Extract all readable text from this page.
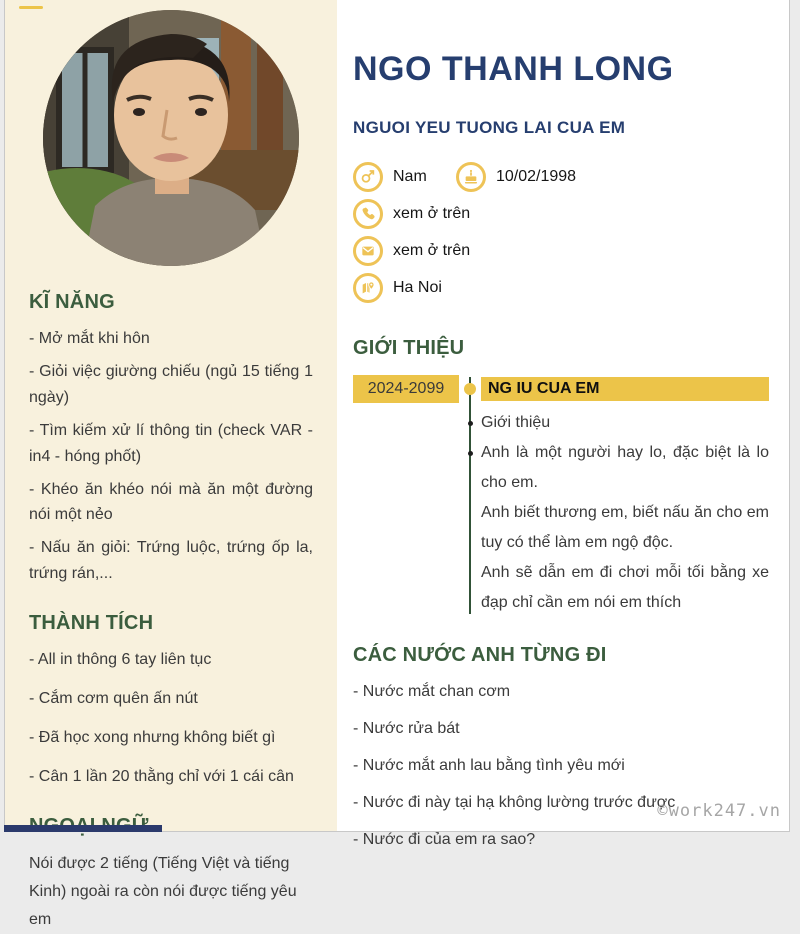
KĨ NĂNG

- Mở mắt khi hôn

- Giỏi việc giường chiếu (ngủ 15 tiếng 1 ngày)

- Tìm kiếm xử lí thông tin (check VAR - in4 - hóng phốt)

- Khéo ăn khéo nói mà ăn một đường nói một nẻo

- Nấu ăn giỏi: Trứng luộc, trứng ốp la, trứng rán,...

THÀNH TÍCH

- All in thông 6 tay liên tục

- Cắm cơm quên ấn nút

- Đã học xong nhưng không biết gì

- Cân 1 lần 20 thằng chỉ với 1 cái cân

Nói được 2 tiếng (Tiếng Việt và tiếng Kinh) ngoài ra còn nói được tiếng yêu em

NGO THANH LONG
NGUOI YEU TUONG LAI CUA EM
Nam	10/02/1998
xem ở trên
xem ở trên
Ha Noi
GIỚI THIỆU
2024-2099	NG IU CUA EM

Giới thiệu

Anh là một người hay lo, đặc biệt là lo cho em.

Anh biết thương em, biết nấu ăn cho em tuy có thể làm em ngộ độc.

Anh sẽ dẫn em đi chơi mỗi tối bằng xe đạp chỉ cần em nói em thích

CÁC NƯỚC ANH TỪNG ĐI

- Nước mắt chan cơm

- Nước rửa bát

- Nước mắt anh lau bằng tình yêu mới

- Nước đi này tại hạ không lường trước được

- Nước đi của em ra sao?

©work247.vn
